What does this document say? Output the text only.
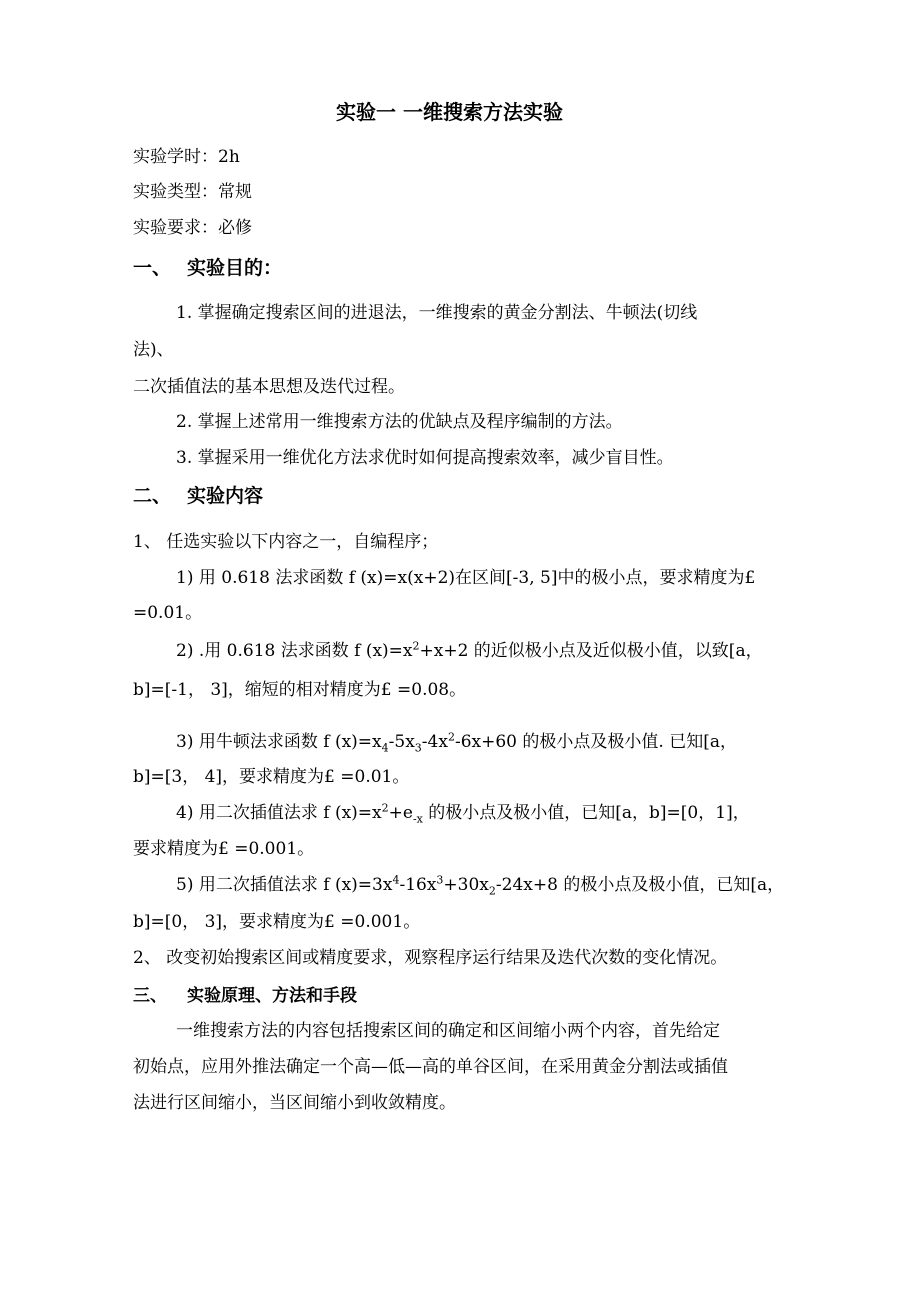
实验一 一维搜索方法实验
实验学时：2h
实验类型：常规
实验要求：必修
一、 实验目的：
1. 掌握确定搜索区间的进退法，一维搜索的黄金分割法、牛顿法(切线
法)、
二次插值法的基本思想及迭代过程。
2. 掌握上述常用一维搜索方法的优缺点及程序编制的方法。
3. 掌握采用一维优化方法求优时如何提高搜索效率，减少盲目性。
二、 实验内容
1、 任选实验以下内容之一，自编程序；
1) 用 0.618 法求函数 f (x)=x(x+2)在区间[-3, 5]中的极小点，要求精度为£
=0.01。
2) .用 0.618 法求函数 f $(x)=x^2+x+2$ 的近似极小点及近似极小值，以致[a，
b]=[-1， 3]，缩短的相对精度为£ =0.08。
3) 用牛顿法求函数 f $(x)=x_4-5x_3-4x^2-6x+60$ 的极小点及极小值. 已知[a，
b]=[3， 4]，要求精度为£ =0.01。
4) 用二次插值法求 f $(x)=x^2+e_{-x}$ 的极小点及极小值，已知[a，b]=[0，1]，
要求精度为£ =0.001。
5) 用二次插值法求 f $(x)=3x^4-16x^3+30x_2-24x+8$ 的极小点及极小值，已知[a，
b]=[0， 3]，要求精度为£ =0.001。
2、 改变初始搜索区间或精度要求，观察程序运行结果及迭代次数的变化情况。
三、 实验原理、方法和手段
一维搜索方法的内容包括搜索区间的确定和区间缩小两个内容，首先给定
初始点，应用外推法确定一个高—低—高的单谷区间，在采用黄金分割法或插值
法进行区间缩小，当区间缩小到收敛精度。
